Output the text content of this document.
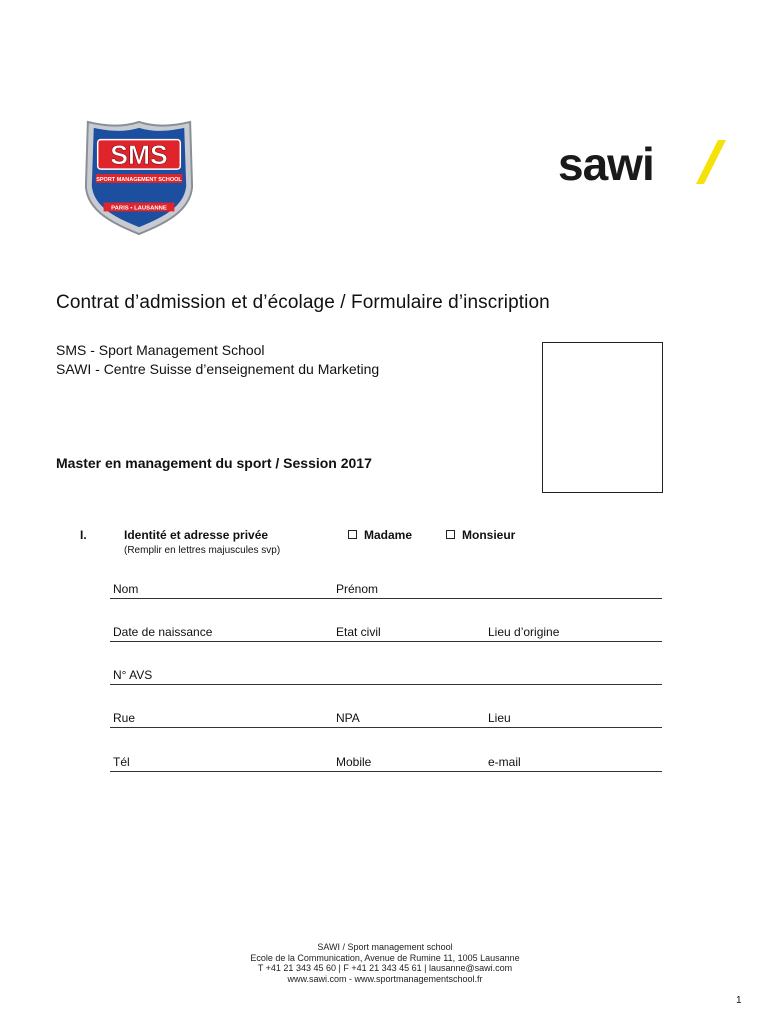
SMS
SPORT MANAGEMENT SCHOOL
PARIS • LAUSANNE
sawi
Contrat d’admission et d’écolage / Formulaire d’inscription
SMS - Sport Management School
SAWI - Centre Suisse d’enseignement du Marketing
Master en management du sport / Session 2017
I.	Identité et adresse privée
(Remplir en lettres majuscules svp)
Madame	Monsieur
Nom	Prénom
Date de naissance	Etat civil	Lieu d’origine
N° AVS
Rue	NPA	Lieu
Tél	Mobile	e-mail
SAWI / Sport management school
Ecole de la Communication, Avenue de Rumine 11, 1005 Lausanne
T +41 21 343 45 60 | F +41 21 343 45 61 | lausanne@sawi.com
www.sawi.com - www.sportmanagementschool.fr
1
